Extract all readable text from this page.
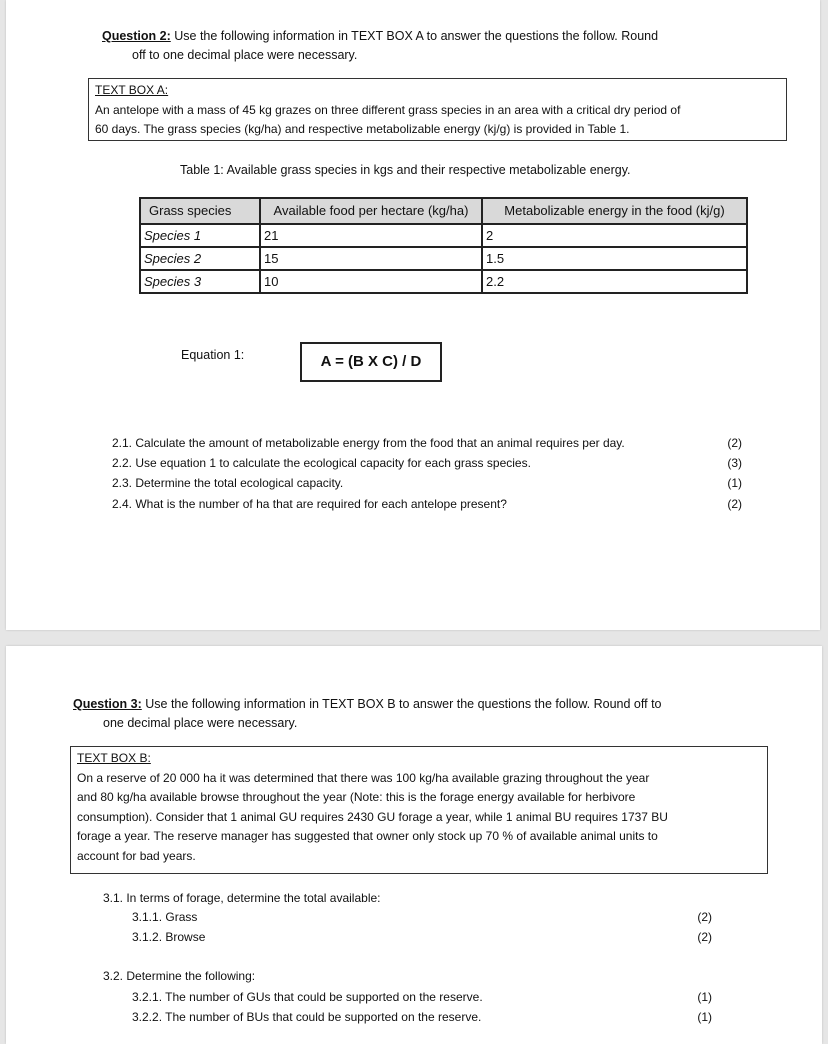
Question 2: Use the following information in TEXT BOX A to answer the questions the follow. Round
off to one decimal place were necessary.
TEXT BOX A:
An antelope with a mass of 45 kg grazes on three different grass species in an area with a critical dry period of
60 days. The grass species (kg/ha) and respective metabolizable energy (kj/g) is provided in Table 1.
Table 1: Available grass species in kgs and their respective metabolizable energy.
Grass species	Available food per hectare (kg/ha)	Metabolizable energy in the food (kj/g)
Species 1	21	2
Species 2	15	1.5
Species 3	10	2.2
Equation 1:	A = (B X C) / D
2.1. Calculate the amount of metabolizable energy from the food that an animal requires per day.	(2)
2.2. Use equation 1 to calculate the ecological capacity for each grass species.	(3)
2.3. Determine the total ecological capacity.	(1)
2.4. What is the number of ha that are required for each antelope present?	(2)
Question 3: Use the following information in TEXT BOX B to answer the questions the follow. Round off to
one decimal place were necessary.
TEXT BOX B:
On a reserve of 20 000 ha it was determined that there was 100 kg/ha available grazing throughout the year
and 80 kg/ha available browse throughout the year (Note: this is the forage energy available for herbivore
consumption). Consider that 1 animal GU requires 2430 GU forage a year, while 1 animal BU requires 1737 BU
forage a year. The reserve manager has suggested that owner only stock up 70 % of available animal units to
account for bad years.
3.1. In terms of forage, determine the total available:
3.1.1. Grass	(2)
3.1.2. Browse	(2)
3.2. Determine the following:
3.2.1. The number of GUs that could be supported on the reserve.	(1)
3.2.2. The number of BUs that could be supported on the reserve.	(1)
